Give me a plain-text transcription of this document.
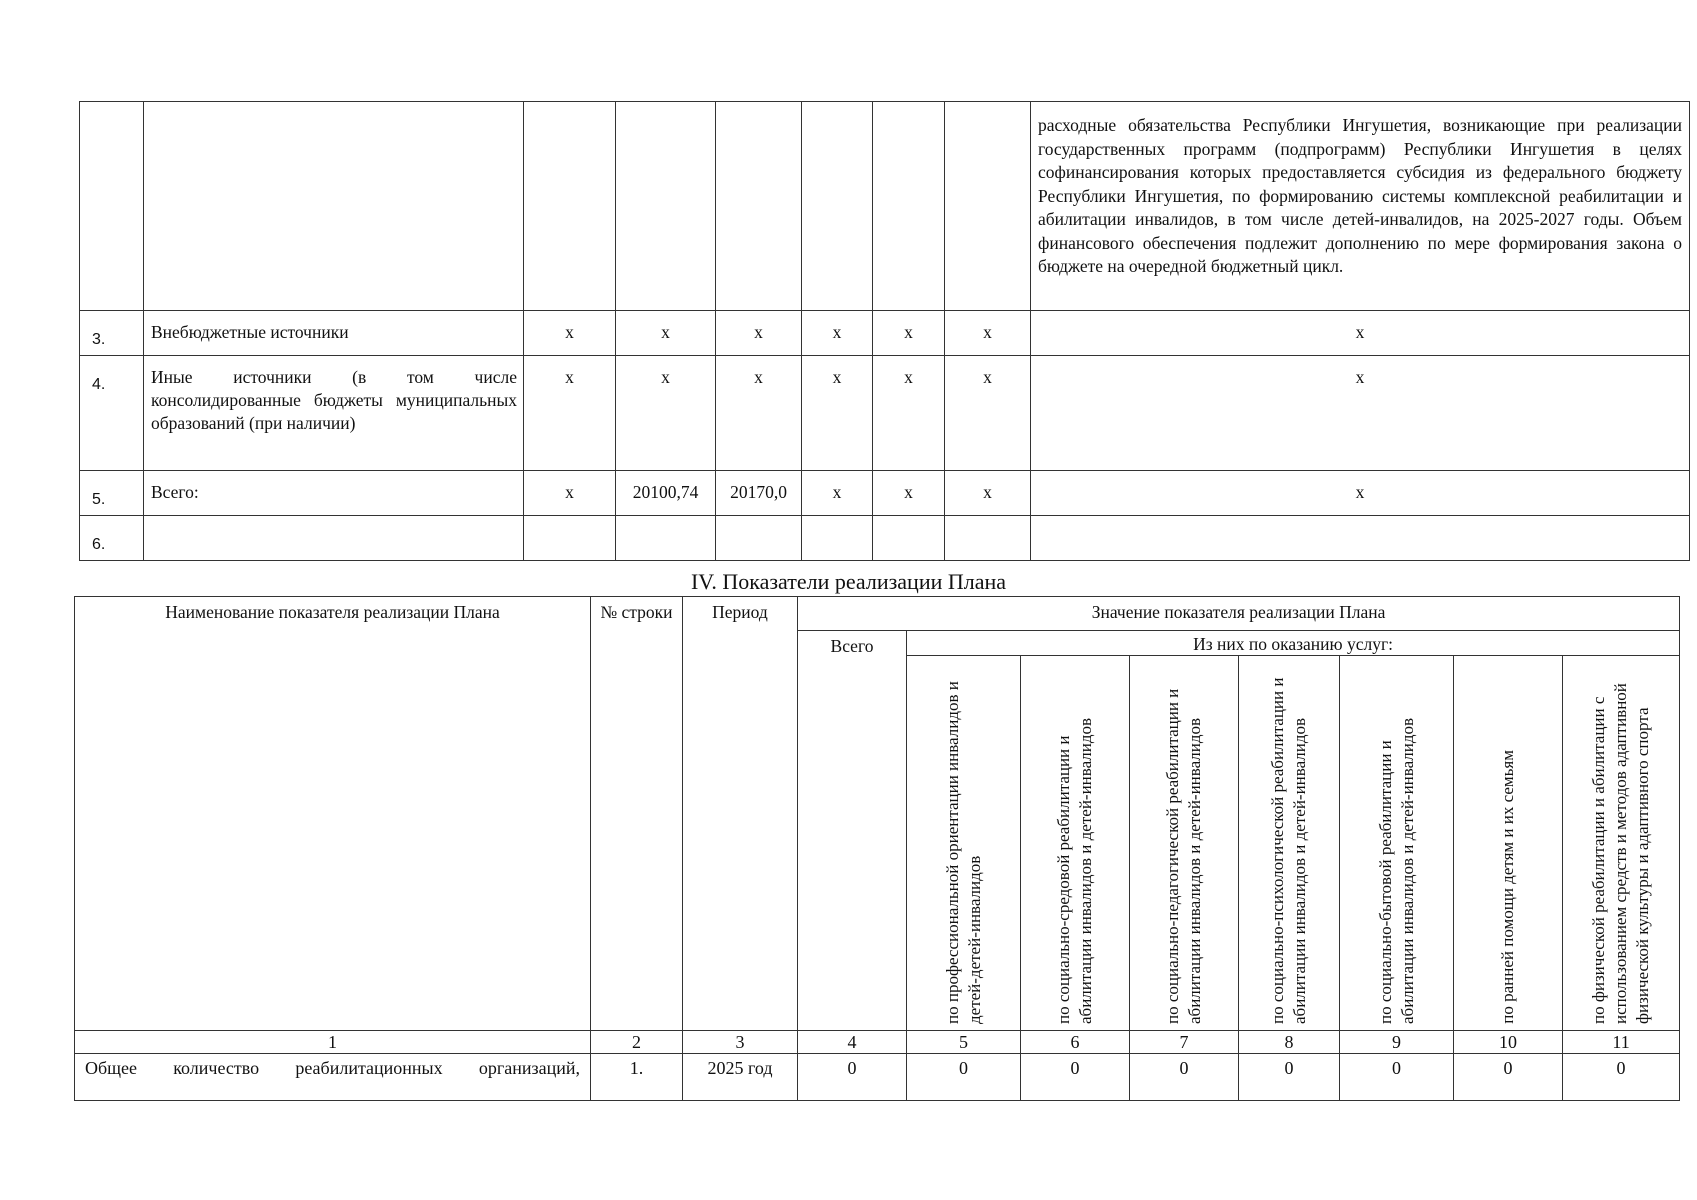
								расходные обязательства Республики Ингушетия, возникающие при реализации государственных программ (подпрограмм) Республики Ингушетия в целях софинансирования которых предоставляется субсидия из федерального бюджету Республики Ингушетия, по формированию системы комплексной реабилитации и абилитации инвалидов, в том числе детей-инвалидов, на 2025-2027 годы. Объем финансового обеспечения подлежит дополнению по мере формирования закона о бюджете на очередной бюджетный цикл.
3.	Внебюджетные источники	х	х	х	х	х	х	х
4.	Иные источники (в том числе консолидированные бюджеты муниципальных образований (при наличии)	х	х	х	х	х	х	х
5.	Всего:	х	20100,74	20170,0	х	х	х	х
6.								
IV. Показатели реализации Плана
Наименование показателя реализации Плана	№ строки	Период	Значение показателя реализации Плана							
			Всего	Из них по оказанию услуг:						

				по профессиональной ориентации инвалидов и детей-детей-инвалидов	по социально-средовой реабилитации и абилитации инвалидов и детей-инвалидов	по социально-педагогической реабилитации и абилитации инвалидов и детей-инвалидов	по социально-психологической реабилитации и абилитации инвалидов и детей-инвалидов	по социально-бытовой реабилитации и абилитации инвалидов и детей-инвалидов	по ранней помощи детям и их семьям	по физической реабилитации и абилитации с использованием средств и методов адаптивной физической культуры и адаптивного спорта

1	2	3	4	5	6	7	8	9	10	11
Общее количество реабилитационных организаций,	1.	2025 год	0	0	0	0	0	0	0	0
